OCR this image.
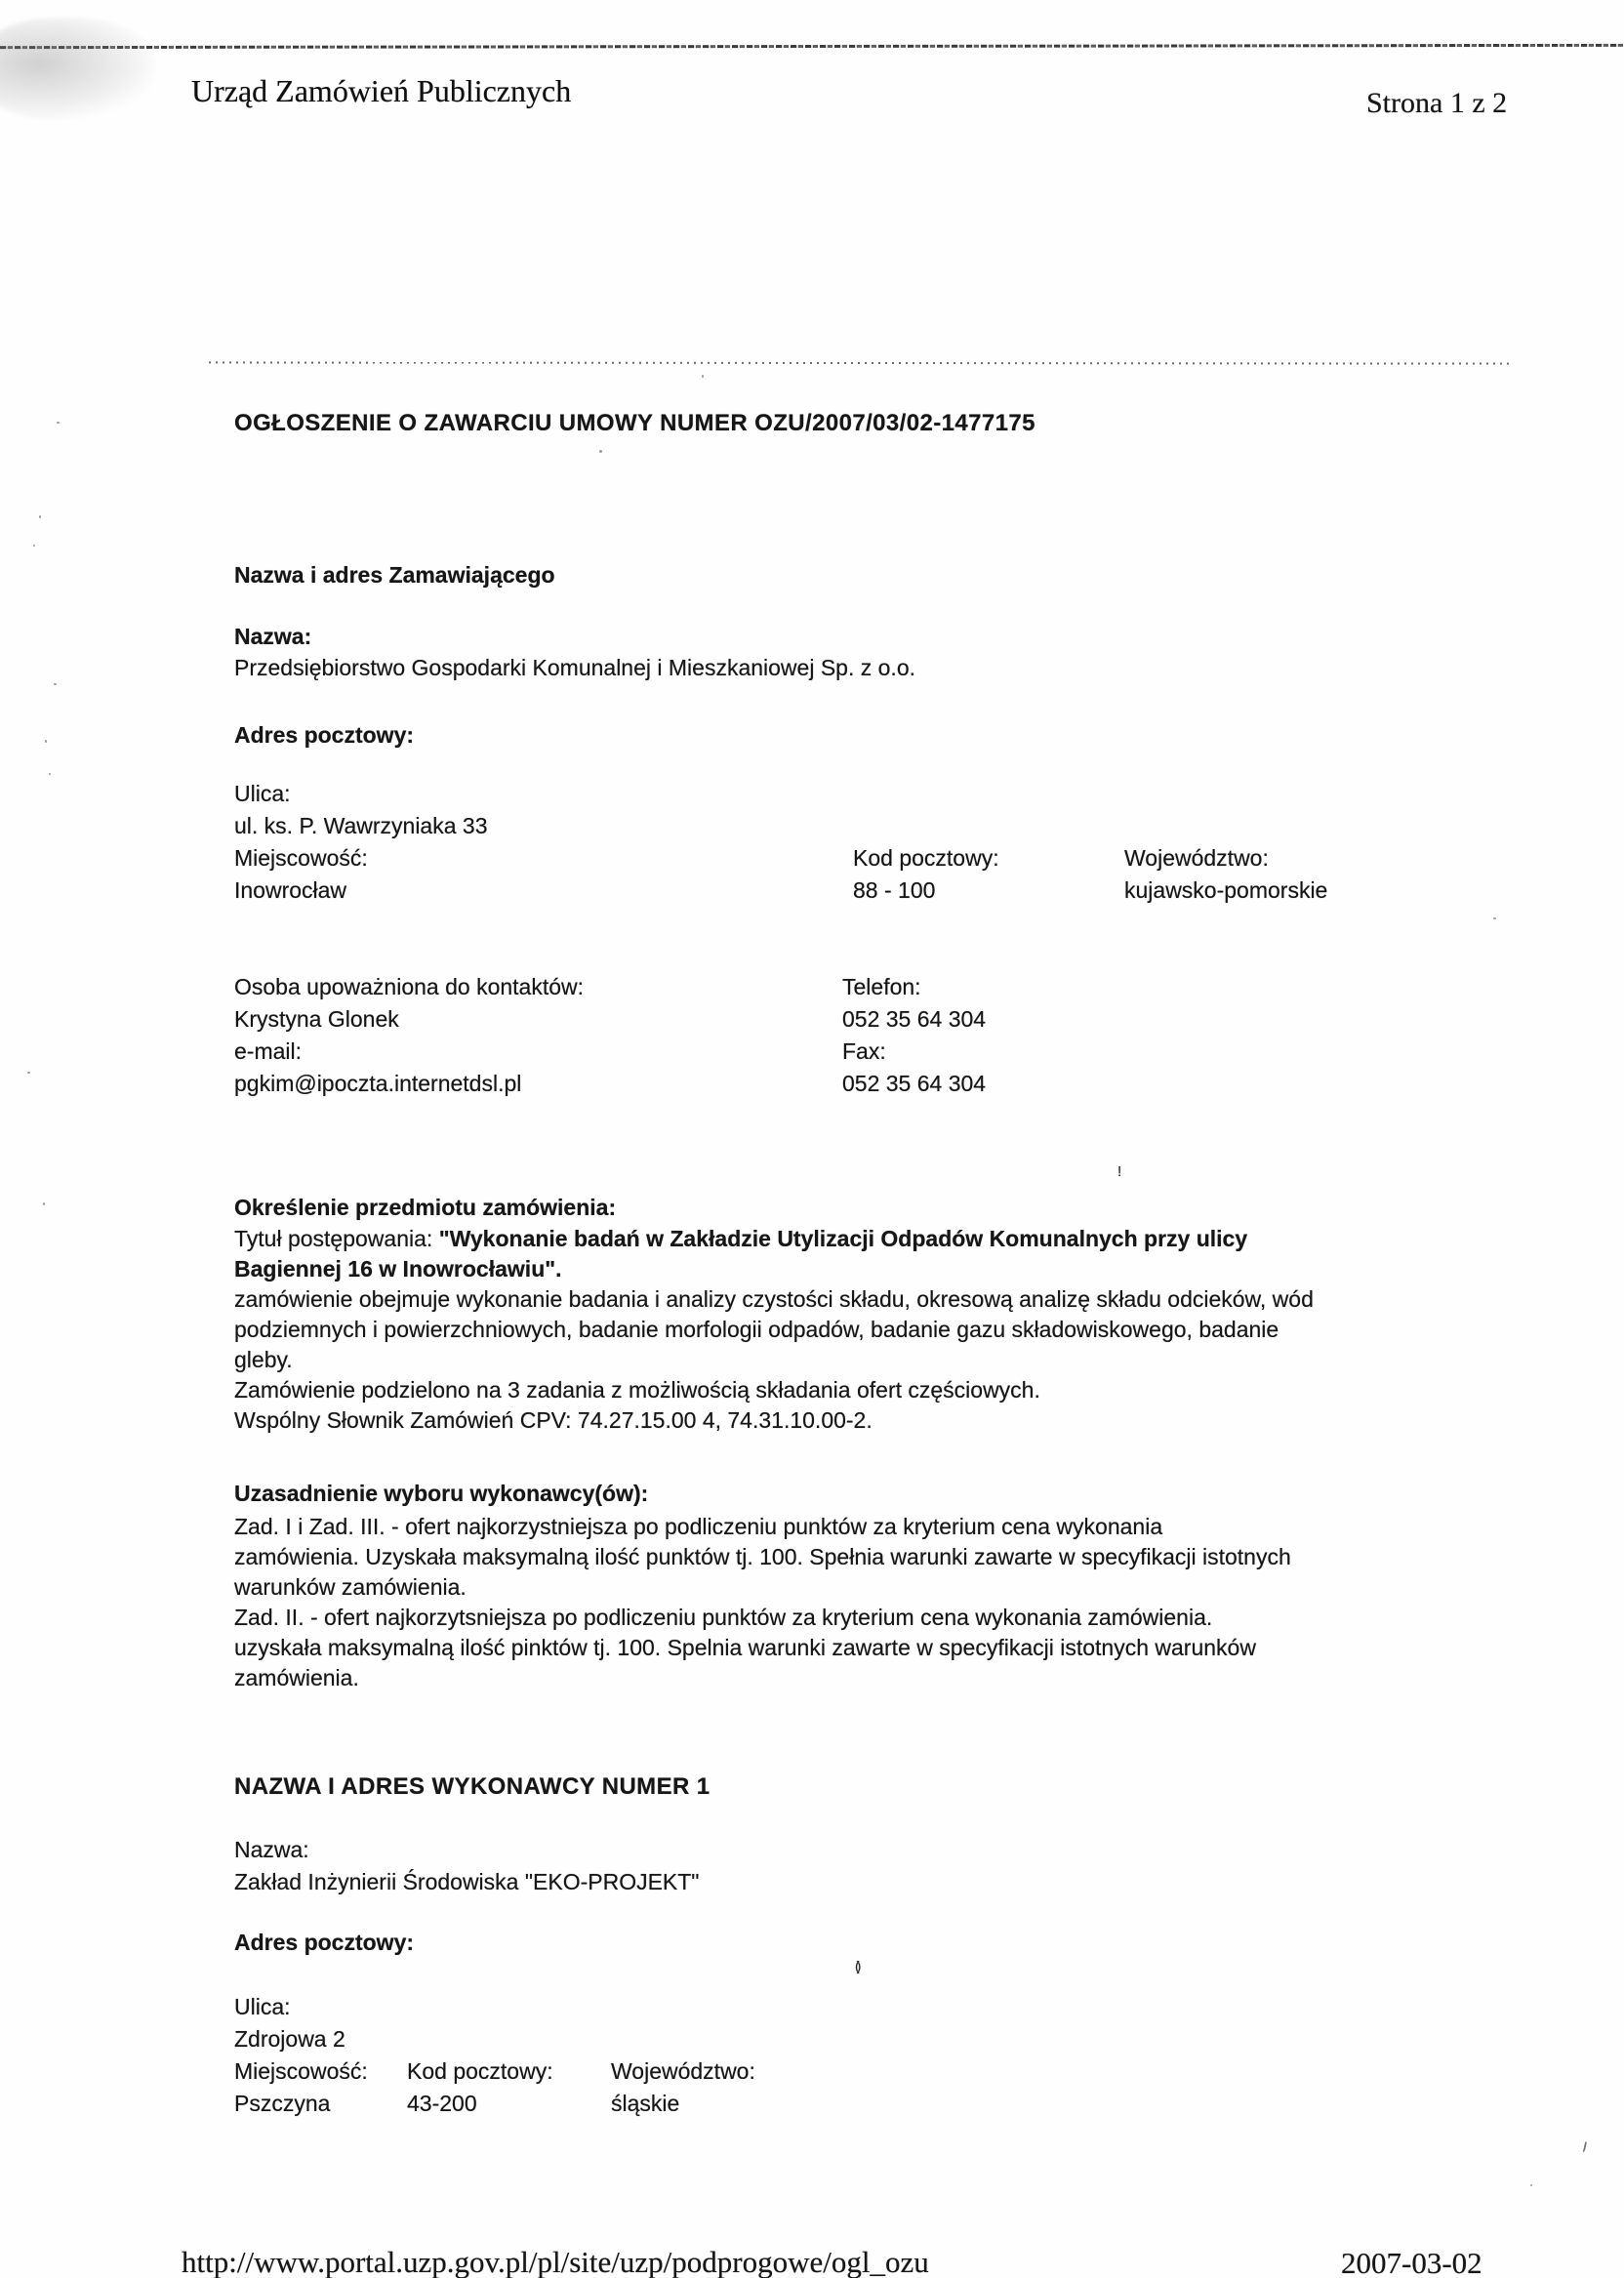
Urząd Zamówień Publicznych	Strona 1 z 2
OGŁOSZENIE O ZAWARCIU UMOWY NUMER OZU/2007/03/02-1477175
Nazwa i adres Zamawiającego
Nazwa:
Przedsiębiorstwo Gospodarki Komunalnej i Mieszkaniowej Sp. z o.o.
Adres pocztowy:
Ulica:
ul. ks. P. Wawrzyniaka 33
Miejscowość:
Inowrocław
Kod pocztowy:
88 - 100
Województwo:
kujawsko-pomorskie
Osoba upoważniona do kontaktów:
Krystyna Glonek
e-mail:
pgkim@ipoczta.internetdsl.pl
Telefon:
052 35 64 304
Fax:
052 35 64 304
Określenie przedmiotu zamówienia:
Tytuł postępowania: "Wykonanie badań w Zakładzie Utylizacji Odpadów Komunalnych przy ulicy
Bagiennej 16 w Inowrocławiu".
zamówienie obejmuje wykonanie badania i analizy czystości składu, okresową analizę składu odcieków, wód
podziemnych i powierzchniowych, badanie morfologii odpadów, badanie gazu składowiskowego, badanie
gleby.
Zamówienie podzielono na 3 zadania z możliwością składania ofert częściowych.
Wspólny Słownik Zamówień CPV: 74.27.15.00 4, 74.31.10.00-2.
Uzasadnienie wyboru wykonawcy(ów):
Zad. I i Zad. III. - ofert najkorzystniejsza po podliczeniu punktów za kryterium cena wykonania
zamówienia. Uzyskała maksymalną ilość punktów tj. 100. Spełnia warunki zawarte w specyfikacji istotnych
warunków zamówienia.
Zad. II. - ofert najkorzytsniejsza po podliczeniu punktów za kryterium cena wykonania zamówienia.
uzyskała maksymalną ilość pinktów tj. 100. Spelnia warunki zawarte w specyfikacji istotnych warunków
zamówienia.
NAZWA I ADRES WYKONAWCY NUMER 1
Nazwa:
Zakład Inżynierii Środowiska "EKO-PROJEKT"
Adres pocztowy:
Ulica:
Zdrojowa 2
Miejscowość:
Pszczyna
Kod pocztowy:
43-200
Województwo:
śląskie
http://www.portal.uzp.gov.pl/pl/site/uzp/podprogowe/ogl_ozu	2007-03-02
!
()
